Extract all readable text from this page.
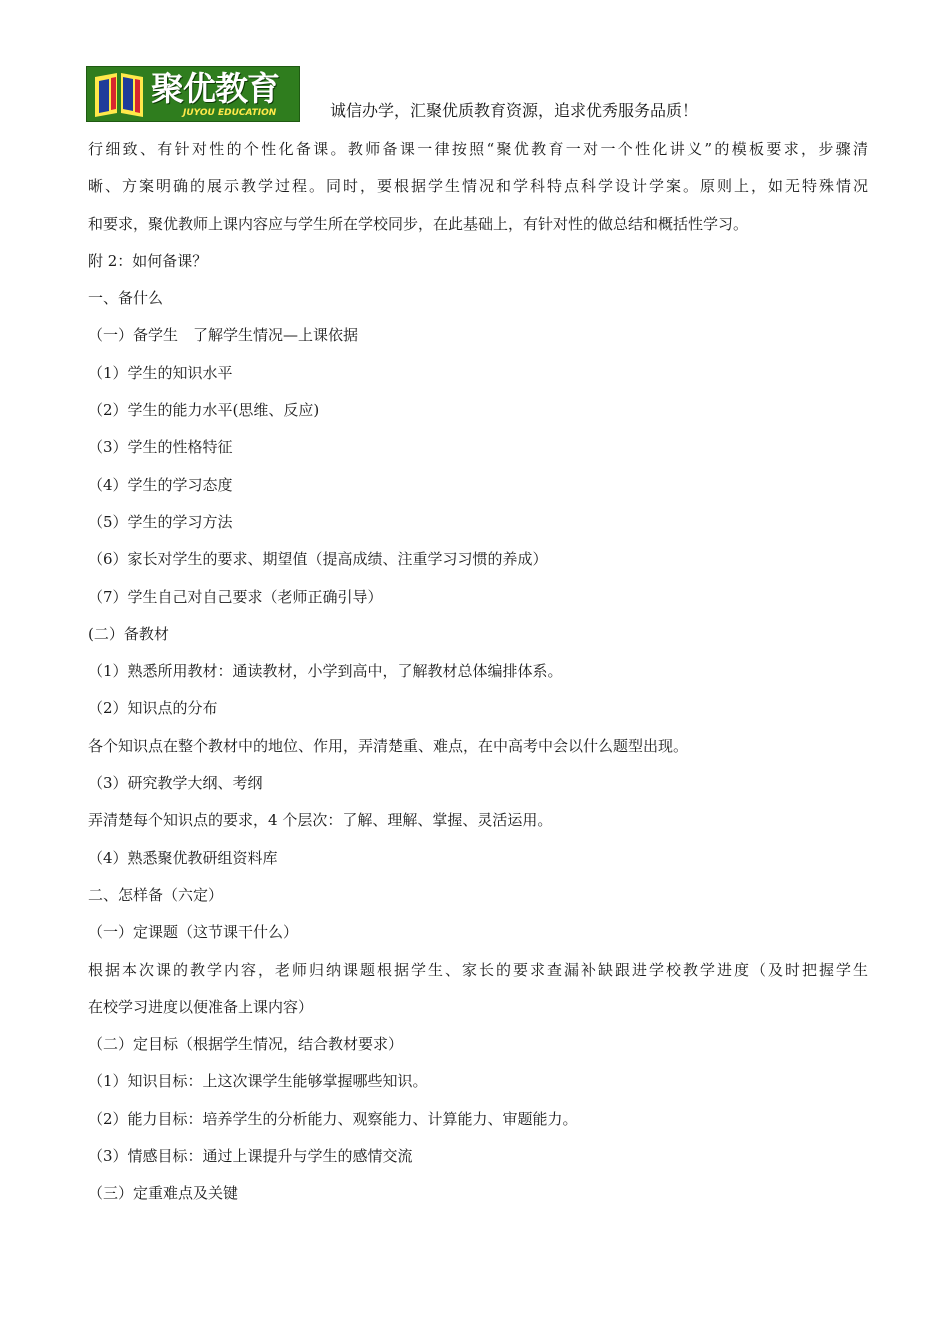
聚优教育
JUYOU EDUCATION	诚信办学，汇聚优质教育资源，追求优秀服务品质！
行细致、有针对性的个性化备课。教师备课一律按照“聚优教育一对一个性化讲义”的模板要求，步骤清
晰、方案明确的展示教学过程。同时，要根据学生情况和学科特点科学设计学案。原则上，如无特殊情况
和要求，聚优教师上课内容应与学生所在学校同步，在此基础上，有针对性的做总结和概括性学习。
附 2：如何备课？
一、备什么
（一）备学生　了解学生情况—上课依据
（1）学生的知识水平
（2）学生的能力水平(思维、反应)
（3）学生的性格特征
（4）学生的学习态度
（5）学生的学习方法
（6）家长对学生的要求、期望值（提高成绩、注重学习习惯的养成）
（7）学生自己对自己要求（老师正确引导）
(二）备教材
（1）熟悉所用教材：通读教材，小学到高中，了解教材总体编排体系。
（2）知识点的分布
各个知识点在整个教材中的地位、作用，弄清楚重、难点，在中高考中会以什么题型出现。
（3）研究教学大纲、考纲
弄清楚每个知识点的要求，4 个层次：了解、理解、掌握、灵活运用。
（4）熟悉聚优教研组资料库
二、怎样备（六定）
（一）定课题（这节课干什么）
根据本次课的教学内容，老师归纳课题根据学生、家长的要求查漏补缺跟进学校教学进度（及时把握学生
在校学习进度以便准备上课内容）
（二）定目标（根据学生情况，结合教材要求）
（1）知识目标：上这次课学生能够掌握哪些知识。
（2）能力目标：培养学生的分析能力、观察能力、计算能力、审题能力。
（3）情感目标：通过上课提升与学生的感情交流
（三）定重难点及关键
